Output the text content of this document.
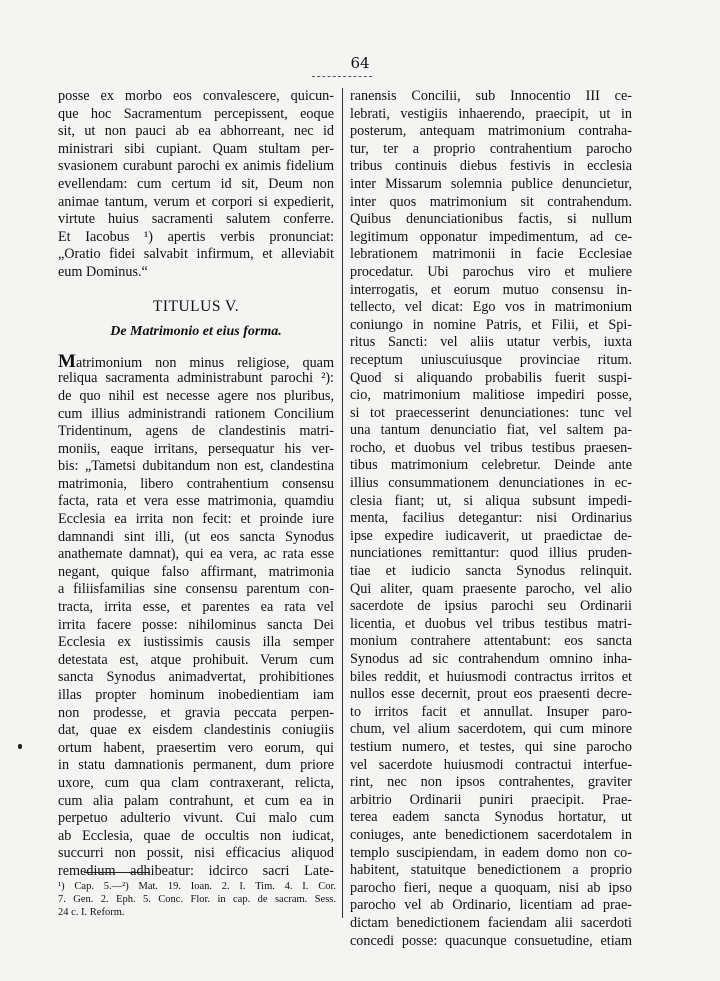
64
posse ex morbo eos convalescere, quicun-
que hoc Sacramentum percepissent, eoque
sit, ut non pauci ab ea abhorreant, nec id
ministrari sibi cupiant. Quam stultam per-
svasionem curabunt parochi ex animis fidelium
evellendam: cum certum id sit, Deum non
animae tantum, verum et corpori si expedierit,
virtute huius sacramenti salutem conferre.
Et Iacobus ¹) apertis verbis pronunciat:
„Oratio fidei salvabit infirmum, et alleviabit
eum Dominus.“
TITULUS V.
De Matrimonio et eius forma.
Matrimonium non minus religiose, quam
reliqua sacramenta administrabunt parochi ²):
de quo nihil est necesse agere nos pluribus,
cum illius administrandi rationem Concilium
Tridentinum, agens de clandestinis matri-
moniis, eaque irritans, persequatur his ver-
bis: „Tametsi dubitandum non est, clandestina
matrimonia, libero contrahentium consensu
facta, rata et vera esse matrimonia, quamdiu
Ecclesia ea irrita non fecit: et proinde iure
damnandi sint illi, (ut eos sancta Synodus
anathemate damnat), qui ea vera, ac rata esse
negant, quique falso affirmant, matrimonia
a filiisfamilias sine consensu parentum con-
tracta, irrita esse, et parentes ea rata vel
irrita facere posse: nihilominus sancta Dei
Ecclesia ex iustissimis causis illa semper
detestata est, atque prohibuit. Verum cum
sancta Synodus animadvertat, prohibitiones
illas propter hominum inobedientiam iam
non prodesse, et gravia peccata perpen-
dat, quae ex eisdem clandestinis coniugiis
ortum habent, praesertim vero eorum, qui
in statu damnationis permanent, dum priore
uxore, cum qua clam contraxerant, relicta,
cum alia palam contrahunt, et cum ea in
perpetuo adulterio vivunt. Cui malo cum
ab Ecclesia, quae de occultis non iudicat,
succurri non possit, nisi efficacius aliquod
remedium adhibeatur: idcirco sacri Late-
ranensis Concilii, sub Innocentio III ce-
lebrati, vestigiis inhaerendo, praecipit, ut in
posterum, antequam matrimonium contraha-
tur, ter a proprio contrahentium parocho
tribus continuis diebus festivis in ecclesia
inter Missarum solemnia publice denuncietur,
inter quos matrimonium sit contrahendum.
Quibus denunciationibus factis, si nullum
legitimum opponatur impedimentum, ad ce-
lebrationem matrimonii in facie Ecclesiae
procedatur. Ubi parochus viro et muliere
interrogatis, et eorum mutuo consensu in-
tellecto, vel dicat: Ego vos in matrimonium
coniungo in nomine Patris, et Filii, et Spi-
ritus Sancti: vel aliis utatur verbis, iuxta
receptum uniuscuiusque provinciae ritum.
Quod si aliquando probabilis fuerit suspi-
cio, matrimonium malitiose impediri posse,
si tot praecesserint denunciationes: tunc vel
una tantum denunciatio fiat, vel saltem pa-
rocho, et duobus vel tribus testibus praesen-
tibus matrimonium celebretur. Deinde ante
illius consummationem denunciationes in ec-
clesia fiant; ut, si aliqua subsunt impedi-
menta, facilius detegantur: nisi Ordinarius
ipse expedire iudicaverit, ut praedictae de-
nunciationes remittantur: quod illius pruden-
tiae et iudicio sancta Synodus relinquit.
Qui aliter, quam praesente parocho, vel alio
sacerdote de ipsius parochi seu Ordinarii
licentia, et duobus vel tribus testibus matri-
monium contrahere attentabunt: eos sancta
Synodus ad sic contrahendum omnino inha-
biles reddit, et huiusmodi contractus irritos et
nullos esse decernit, prout eos praesenti decre-
to irritos facit et annullat. Insuper paro-
chum, vel alium sacerdotem, qui cum minore
testium numero, et testes, qui sine parocho
vel sacerdote huiusmodi contractui interfue-
rint, nec non ipsos contrahentes, graviter
arbitrio Ordinarii puniri praecipit. Prae-
terea eadem sancta Synodus hortatur, ut
coniuges, ante benedictionem sacerdotalem in
templo suscipiendam, in eadem domo non co-
habitent, statuitque benedictionem a proprio
parocho fieri, neque a quoquam, nisi ab ipso
parocho vel ab Ordinario, licentiam ad prae-
dictam benedictionem faciendam alii sacerdoti
concedi posse: quacunque consuetudine, etiam
¹) Cap. 5.—²) Mat. 19. Ioan. 2. I. Tim. 4. I. Cor.
7. Gen. 2. Eph. 5. Conc. Flor. in cap. de sacram. Sess.
24 c. I. Reform.
